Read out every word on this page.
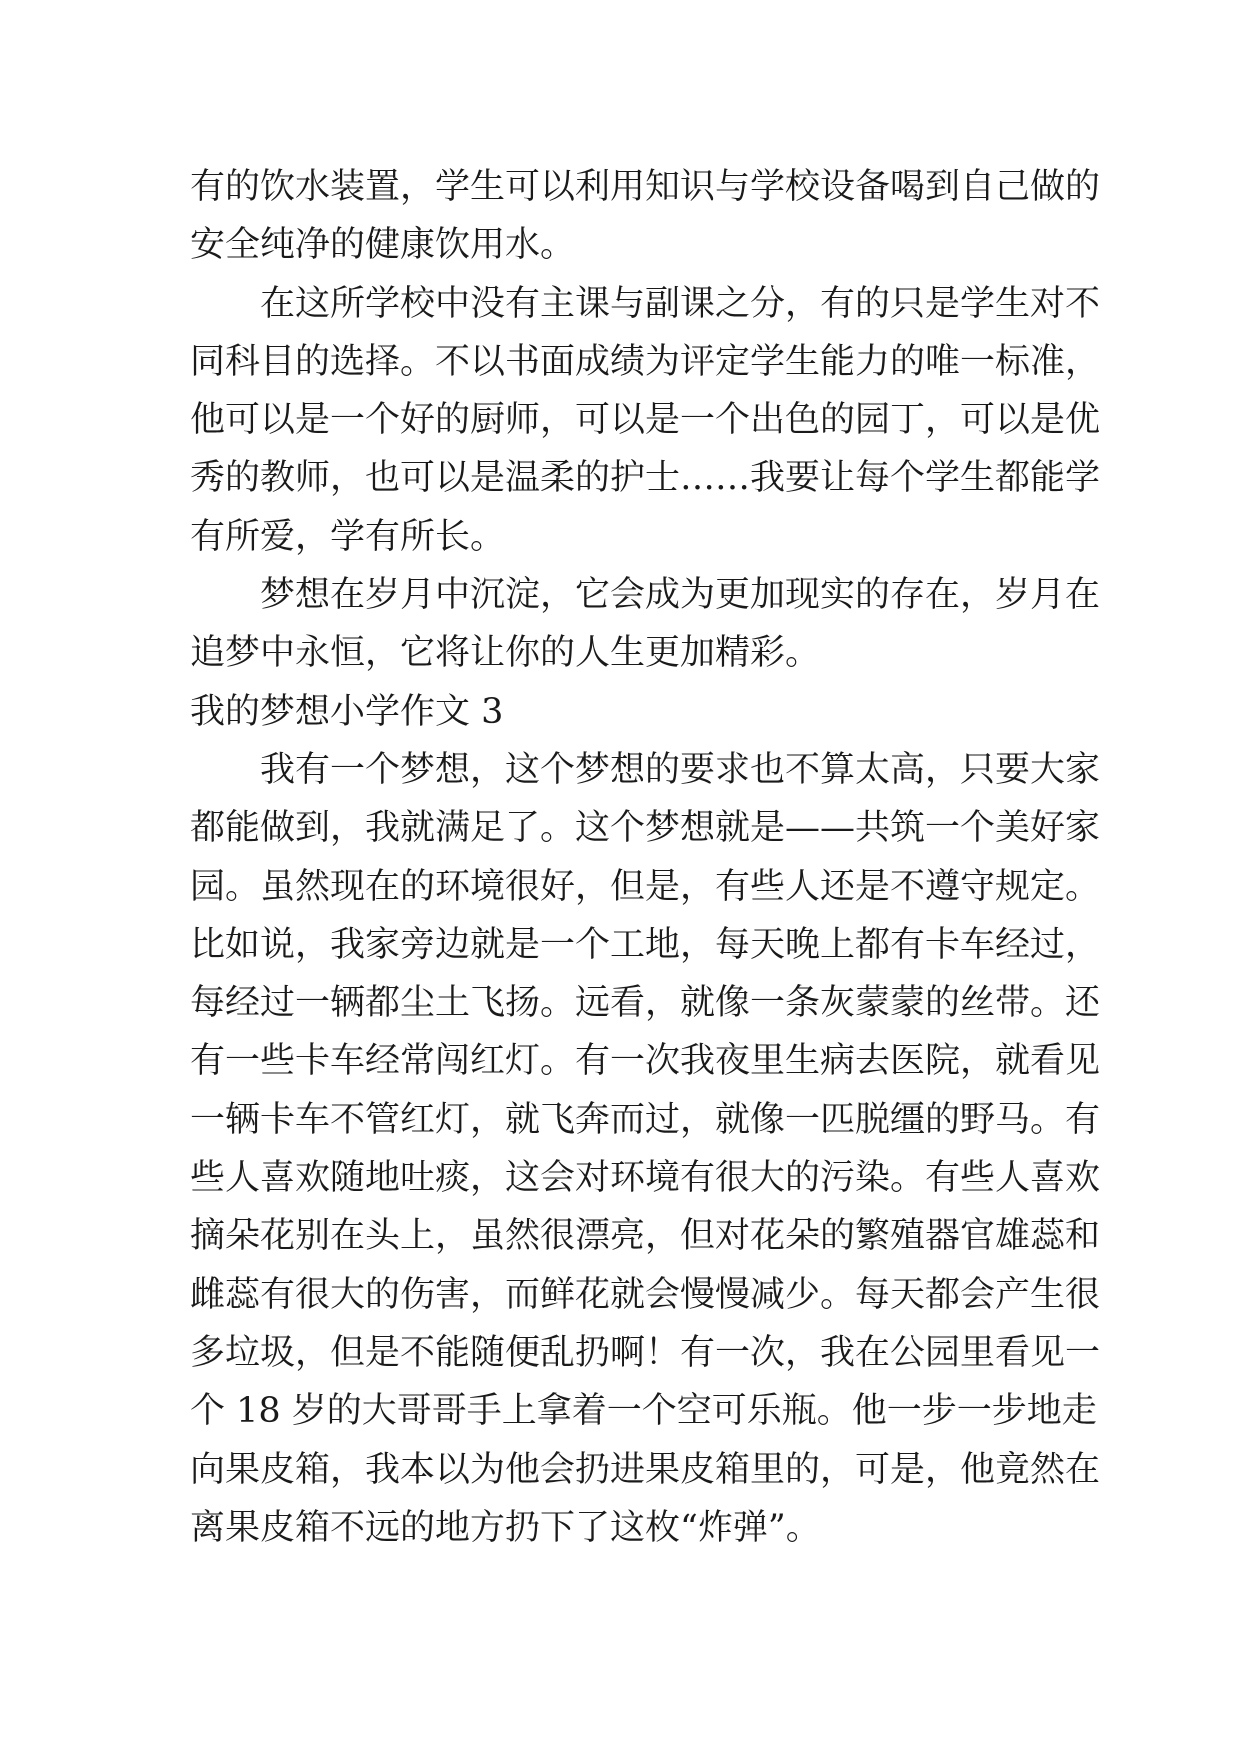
有的饮水装置，学生可以利用知识与学校设备喝到自己做的
安全纯净的健康饮用水。
在这所学校中没有主课与副课之分，有的只是学生对不
同科目的选择。不以书面成绩为评定学生能力的唯一标准，
他可以是一个好的厨师，可以是一个出色的园丁，可以是优
秀的教师，也可以是温柔的护士……我要让每个学生都能学
有所爱，学有所长。
梦想在岁月中沉淀，它会成为更加现实的存在，岁月在
追梦中永恒，它将让你的人生更加精彩。
我的梦想小学作文 3
我有一个梦想，这个梦想的要求也不算太高，只要大家
都能做到，我就满足了。这个梦想就是——共筑一个美好家
园。虽然现在的环境很好，但是，有些人还是不遵守规定。
比如说，我家旁边就是一个工地，每天晚上都有卡车经过，
每经过一辆都尘土飞扬。远看，就像一条灰蒙蒙的丝带。还
有一些卡车经常闯红灯。有一次我夜里生病去医院，就看见
一辆卡车不管红灯，就飞奔而过，就像一匹脱缰的野马。有
些人喜欢随地吐痰，这会对环境有很大的污染。有些人喜欢
摘朵花别在头上，虽然很漂亮，但对花朵的繁殖器官雄蕊和
雌蕊有很大的伤害，而鲜花就会慢慢减少。每天都会产生很
多垃圾，但是不能随便乱扔啊！有一次，我在公园里看见一
个 18 岁的大哥哥手上拿着一个空可乐瓶。他一步一步地走
向果皮箱，我本以为他会扔进果皮箱里的，可是，他竟然在
离果皮箱不远的地方扔下了这枚“炸弹”。
